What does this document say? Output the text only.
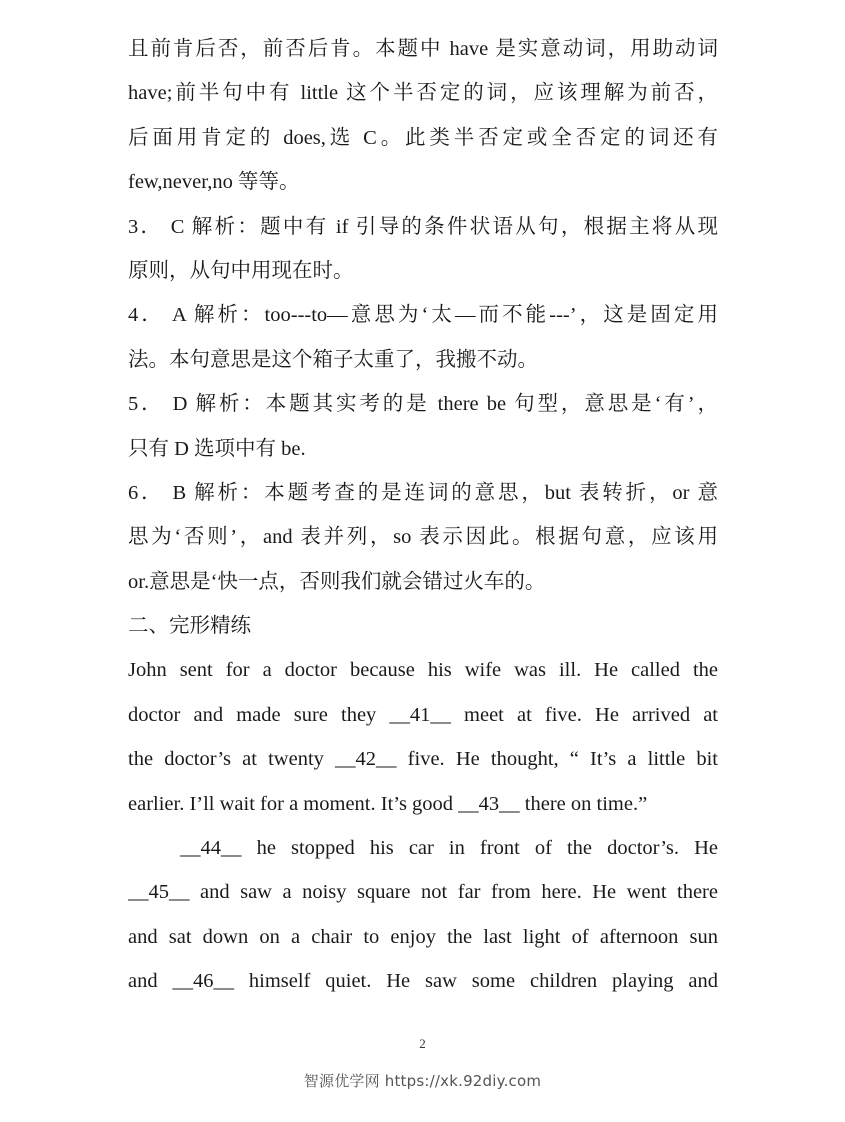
且前肯后否，前否后肯。本题中 have 是实意动词，用助动词
have;前半句中有 little 这个半否定的词，应该理解为前否，
后面用肯定的 does,选 C。此类半否定或全否定的词还有
few,never,no 等等。
3． C 解析：题中有 if 引导的条件状语从句，根据主将从现
原则，从句中用现在时。
4． A 解析：too---to—意思为‘太—而不能---’，这是固定用
法。本句意思是这个箱子太重了，我搬不动。
5． D 解析：本题其实考的是 there be 句型，意思是‘有’，
只有 D 选项中有 be.
6． B 解析：本题考查的是连词的意思，but 表转折，or 意
思为‘否则’，and 表并列，so 表示因此。根据句意，应该用
or.意思是‘快一点，否则我们就会错过火车的。
二、完形精练
John sent for a doctor because his wife was ill. He called the
doctor and made sure they __41__ meet at five. He arrived at
the doctor’s at twenty __42__ five. He thought, “ It’s a little bit
earlier. I’ll wait for a moment. It’s good __43__ there on time.”
__44__ he stopped his car in front of the doctor’s. He
__45__ and saw a noisy square not far from here. He went there
and sat down on a chair to enjoy the last light of afternoon sun
and __46__ himself quiet. He saw some children playing and
2
智源优学网 https://xk.92diy.com
